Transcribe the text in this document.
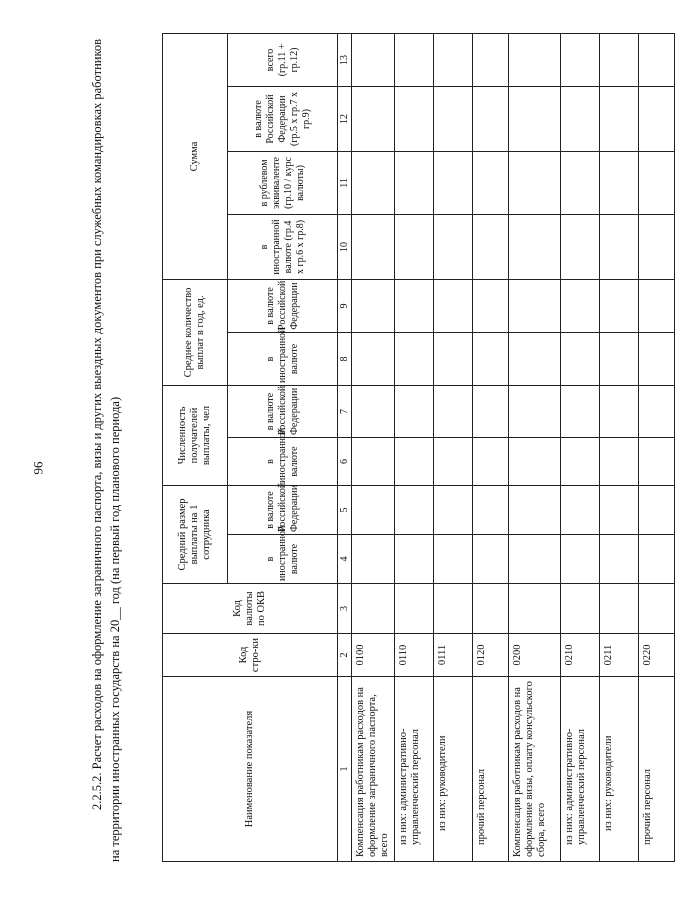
96	2.2.5.2. Расчет расходов на оформление заграничного паспорта, визы и других выездных документов при служебных командировках работников на территории иностранных государств на 20__ год (на первый год планового периода)	Наименование показателя	Код стро-ки	Код валюты по ОКВ	Средний размер выплаты на 1 сотрудника		Численность получателей выплаты, чел		Среднее количество выплат в год, ед.		Сумма			
			в иностранной валюте	в валюте Российской Федерации	в иностранной валюте	в валюте Российской Федерации	в иностранной валюте	в валюте Российской Федерации	в иностранной валюте (гр.4 x гр.6 x гр.8)	в рублевом эквиваленте (гр.10 / курс валюты)	в валюте Российской Федерации (гр.5 x гр.7 x гр.9)	всего (гр.11 + гр.12)
1	2	3	4	5	6	7	8	9	10	11	12	13
Компенсация работникам расходов на оформление заграничного паспорта, всего	0100											
из них: административно-управленческий персонал	0110											
из них: руководители	0111											
прочий персонал	0120											
Компенсация работникам расходов на оформление визы, оплату консульского сбора, всего	0200											
из них: административно-управленческий персонал	0210											
из них: руководители	0211											
прочий персонал	0220											
